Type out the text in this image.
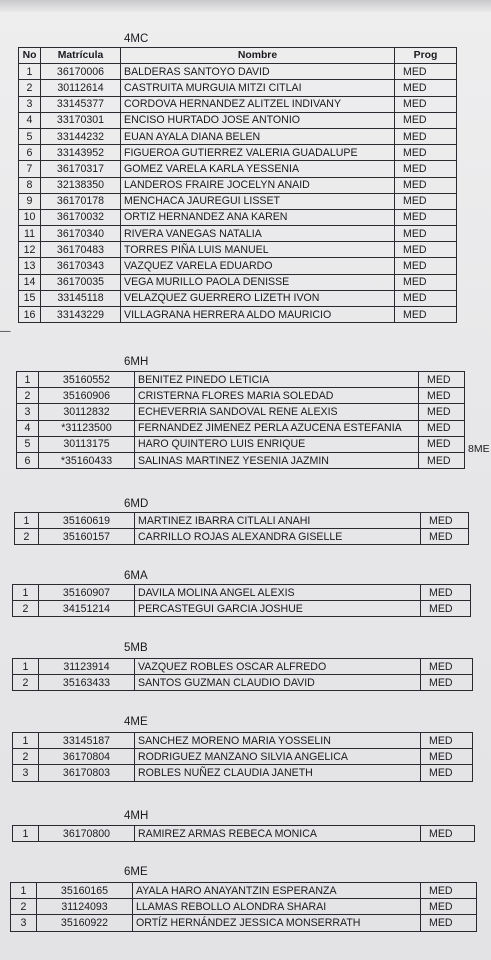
4MC
No	Matrícula	Nombre	Prog
1	36170006	BALDERAS SANTOYO DAVID	MED
2	30112614	CASTRUITA MURGUIA MITZI CITLAI	MED
3	33145377	CORDOVA HERNANDEZ ALITZEL INDIVANY	MED
4	33170301	ENCISO HURTADO JOSE ANTONIO	MED
5	33144232	EUAN AYALA DIANA BELEN	MED
6	33143952	FIGUEROA GUTIERREZ VALERIA GUADALUPE	MED
7	36170317	GOMEZ VARELA KARLA YESSENIA	MED
8	32138350	LANDEROS FRAIRE JOCELYN ANAID	MED
9	36170178	MENCHACA JAUREGUI LISSET	MED
10	36170032	ORTIZ HERNANDEZ ANA KAREN	MED
11	36170340	RIVERA VANEGAS NATALIA	MED
12	36170483	TORRES PIÑA LUIS MANUEL	MED
13	36170343	VAZQUEZ VARELA EDUARDO	MED
14	36170035	VEGA MURILLO PAOLA DENISSE	MED
15	33145118	VELAZQUEZ GUERRERO LIZETH IVON	MED
16	33143229	VILLAGRANA HERRERA ALDO MAURICIO	MED
—
6MH
1	35160552	BENITEZ PINEDO LETICIA	MED
2	35160906	CRISTERNA FLORES MARIA SOLEDAD	MED
3	30112832	ECHEVERRIA SANDOVAL RENE ALEXIS	MED
4	*31123500	FERNANDEZ JIMENEZ PERLA AZUCENA ESTEFANIA	MED
5	30113175	HARO QUINTERO LUIS ENRIQUE	MED
6	*35160433	SALINAS MARTINEZ YESENIA JAZMIN	MED
8ME
6MD
1	35160619	MARTINEZ IBARRA CITLALI ANAHI	MED
2	35160157	CARRILLO ROJAS ALEXANDRA GISELLE	MED
6MA
1	35160907	DAVILA MOLINA ANGEL ALEXIS	MED
2	34151214	PERCASTEGUI GARCIA JOSHUE	MED
5MB
1	31123914	VAZQUEZ ROBLES OSCAR ALFREDO	MED
2	35163433	SANTOS GUZMAN CLAUDIO DAVID	MED
4ME
1	33145187	SANCHEZ MORENO MARIA YOSSELIN	MED
2	36170804	RODRIGUEZ MANZANO SILVIA ANGELICA	MED
3	36170803	ROBLES NUÑEZ CLAUDIA JANETH	MED
4MH
1	36170800	RAMIREZ ARMAS REBECA MONICA	MED
6ME
1	35160165	AYALA HARO ANAYANTZIN ESPERANZA	MED
2	31124093	LLAMAS REBOLLO ALONDRA SHARAI	MED
3	35160922	ORTÍZ HERNÁNDEZ JESSICA MONSERRATH	MED
